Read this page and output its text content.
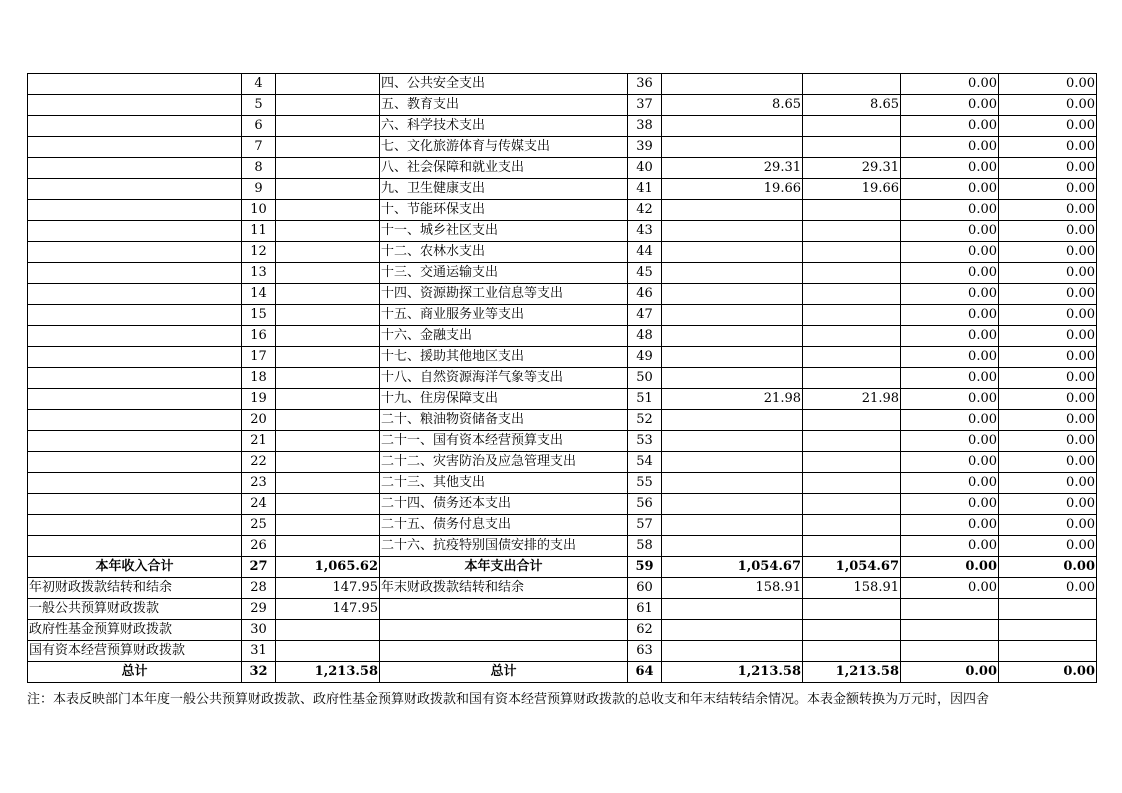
	4		四、公共安全支出	36			0.00	0.00
	5		五、教育支出	37	8.65	8.65	0.00	0.00
	6		六、科学技术支出	38			0.00	0.00
	7		七、文化旅游体育与传媒支出	39			0.00	0.00
	8		八、社会保障和就业支出	40	29.31	29.31	0.00	0.00
	9		九、卫生健康支出	41	19.66	19.66	0.00	0.00
	10		十、节能环保支出	42			0.00	0.00
	11		十一、城乡社区支出	43			0.00	0.00
	12		十二、农林水支出	44			0.00	0.00
	13		十三、交通运输支出	45			0.00	0.00
	14		十四、资源勘探工业信息等支出	46			0.00	0.00
	15		十五、商业服务业等支出	47			0.00	0.00
	16		十六、金融支出	48			0.00	0.00
	17		十七、援助其他地区支出	49			0.00	0.00
	18		十八、自然资源海洋气象等支出	50			0.00	0.00
	19		十九、住房保障支出	51	21.98	21.98	0.00	0.00
	20		二十、粮油物资储备支出	52			0.00	0.00
	21		二十一、国有资本经营预算支出	53			0.00	0.00
	22		二十二、灾害防治及应急管理支出	54			0.00	0.00
	23		二十三、其他支出	55			0.00	0.00
	24		二十四、债务还本支出	56			0.00	0.00
	25		二十五、债务付息支出	57			0.00	0.00
	26		二十六、抗疫特别国债安排的支出	58			0.00	0.00
本年收入合计	27	1,065.62	本年支出合计	59	1,054.67	1,054.67	0.00	0.00
年初财政拨款结转和结余	28	147.95	年末财政拨款结转和结余	60	158.91	158.91	0.00	0.00
一般公共预算财政拨款	29	147.95		61				
政府性基金预算财政拨款	30			62				
国有资本经营预算财政拨款	31			63				
总计	32	1,213.58	总计	64	1,213.58	1,213.58	0.00	0.00
注：本表反映部门本年度一般公共预算财政拨款、政府性基金预算财政拨款和国有资本经营预算财政拨款的总收支和年末结转结余情况。本表金额转换为万元时，因四舍
